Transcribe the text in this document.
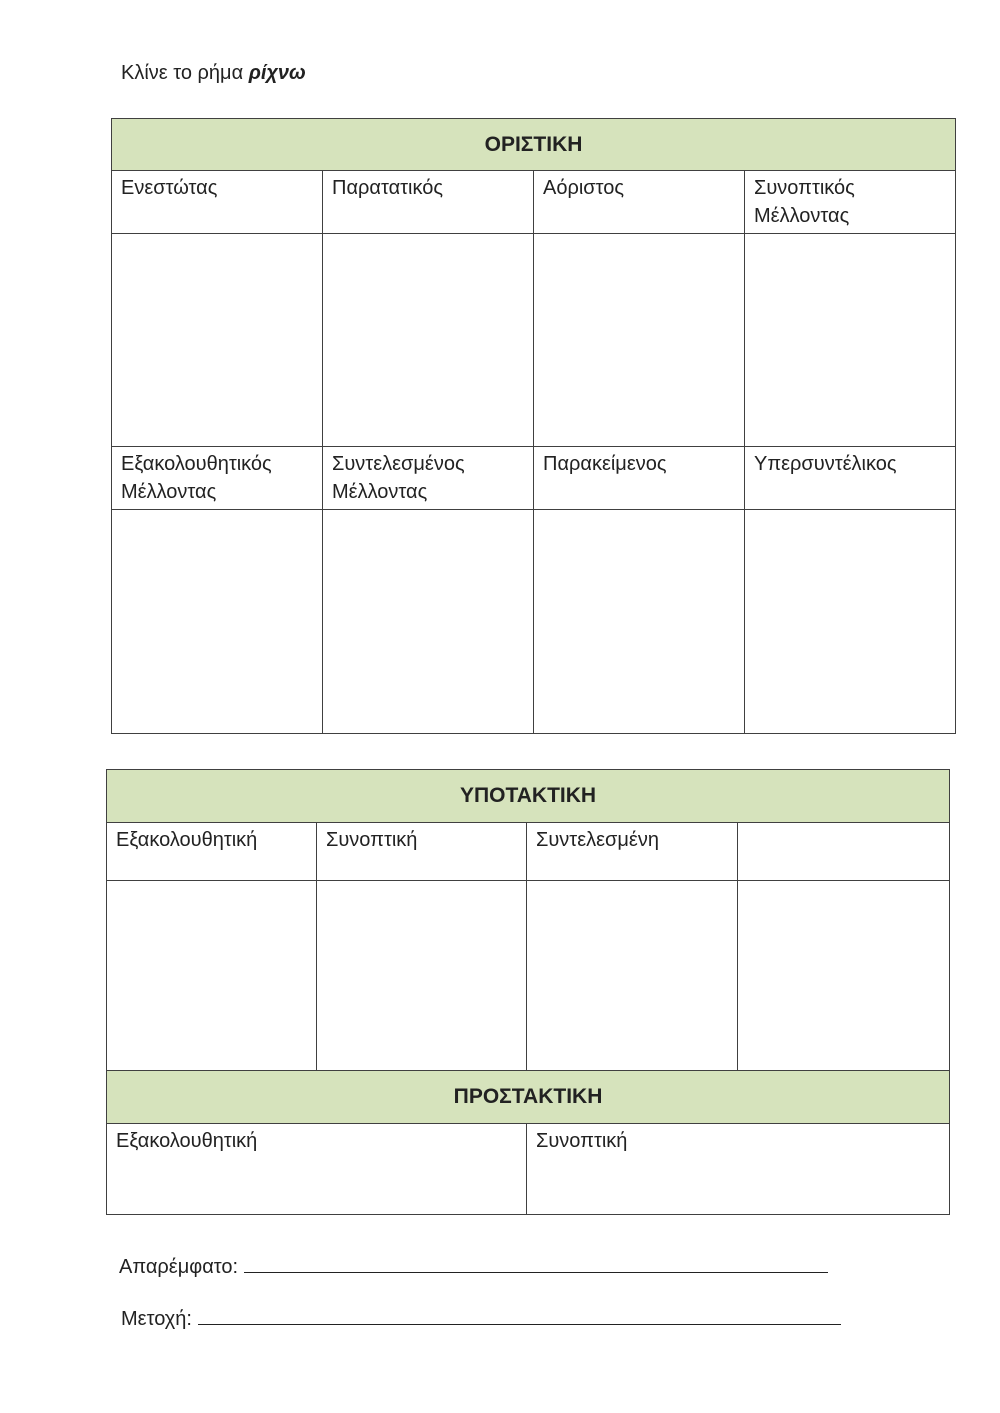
Κλίνε το ρήμα ρίχνω
ΟΡΙΣΤΙΚΗ			
Ενεστώτας	Παρατατικός	Αόριστος	Συνοπτικός Μέλλοντας

Εξακολουθητικός Μέλλοντας	Συντελεσμένος Μέλλοντας	Παρακείμενος	Υπερσυντέλικος

ΥΠΟΤΑΚΤΙΚΗ			
Εξακολουθητική	Συνοπτική	Συντελεσμένη	

ΠΡΟΣΤΑΚΤΙΚΗ			
Εξακολουθητική		Συνοπτική	
Απαρέμφατο:
Μετοχή:
